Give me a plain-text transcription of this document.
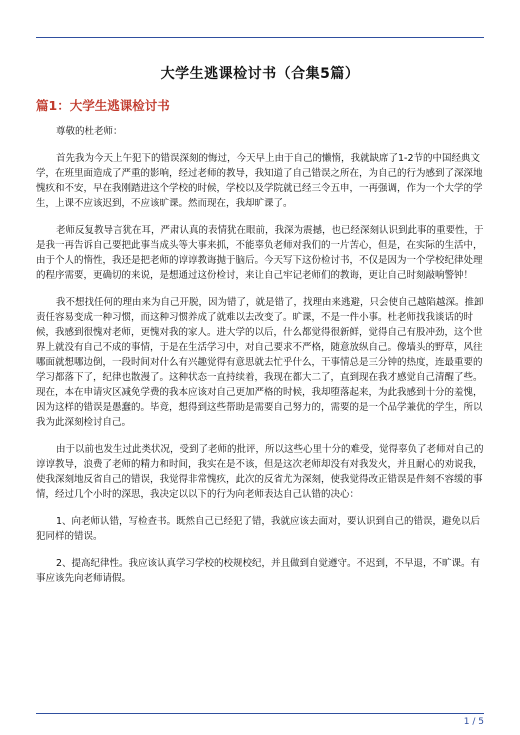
大学生逃课检讨书（合集5篇）
篇1：大学生逃课检讨书

尊敬的杜老师：

首先我为今天上午犯下的错误深刻的悔过，今天早上由于自己的懒惰，我就缺席了1-2节的中国经典文学，在班里面造成了严重的影响，经过老师的教导，我知道了自己错误之所在，为自己的行为感到了深深地愧疚和不安，早在我刚踏进这个学校的时候，学校以及学院就已经三令五申，一再强调，作为一个大学的学生，上课不应该迟到，不应该旷课。然而现在，我却旷课了。

老师反复教导言犹在耳，严肃认真的表情犹在眼前，我深为震撼，也已经深刻认识到此事的重要性，于是我一再告诉自己要把此事当成头等大事来抓，不能辜负老师对我们的一片苦心，但是，在实际的生活中，由于个人的惰性，我还是把老师的谆谆教诲抛于脑后。今天写下这份检讨书，不仅是因为一个学校纪律处理的程序需要，更确切的来说，是想通过这份检讨，来让自己牢记老师们的教诲，更让自己时刻敲响警钟！

我不想找任何的理由来为自己开脱，因为错了，就是错了，找理由来逃避，只会使自己越陷越深。推卸责任容易变成一种习惯，而这种习惯养成了就难以去改变了。旷课，不是一件小事。杜老师找我谈话的时候，我感到很愧对老师，更愧对我的家人。进大学的以后，什么都觉得很新鲜，觉得自己有股冲劲，这个世界上就没有自己不成的事情，于是在生活学习中，对自己要求不严格，随意放纵自己。像墙头的野草，风往哪面就想哪边倒，一段时间对什么有兴趣觉得有意思就去忙乎什么，干事情总是三分钟的热度，连最重要的学习都落下了，纪律也散漫了。这种状态一直持续着，我现在都大二了，直到现在我才感觉自己清醒了些。现在，本在申请灾区减免学费的我本应该对自己更加严格的时候，我却堕落起来，为此我感到十分的羞愧，因为这样的错误是愚蠢的。毕竟，想得到这些帮助是需要自己努力的，需要的是一个品学兼优的学生，所以我为此深刻检讨自己。

由于以前也发生过此类状况，受到了老师的批评，所以这些心里十分的难受，觉得辜负了老师对自己的谆谆教导，浪费了老师的精力和时间，我实在是不该，但是这次老师却没有对我发火，并且耐心的劝说我，使我深刻地反省自己的错误，我觉得非常愧疚，此次的反省尤为深刻，使我觉得改正错误是件刻不容缓的事情，经过几个小时的深思，我决定以以下的行为向老师表达自己认错的决心：

1、向老师认错，写检查书。既然自己已经犯了错，我就应该去面对，要认识到自己的错误，避免以后犯同样的错误。

2、提高纪律性。我应该认真学习学校的校规校纪，并且做到自觉遵守。不迟到，不早退，不旷课。有事应该先向老师请假。

1 / 5
